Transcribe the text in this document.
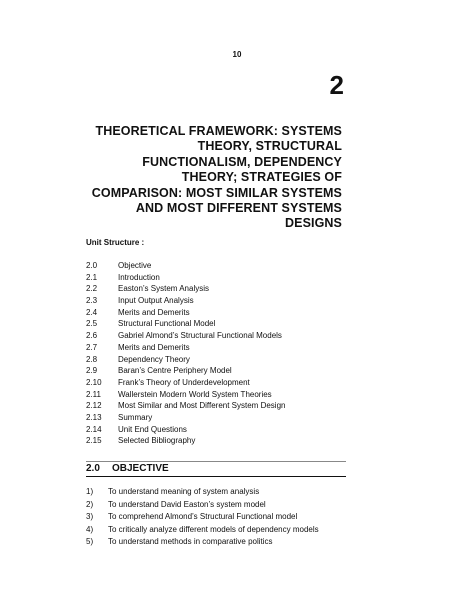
10
2
THEORETICAL FRAMEWORK: SYSTEMS
THEORY, STRUCTURAL
FUNCTIONALISM, DEPENDENCY
THEORY; STRATEGIES OF
COMPARISON: MOST SIMILAR SYSTEMS
AND MOST DIFFERENT SYSTEMS
DESIGNS
Unit Structure :
2.0	Objective
2.1	Introduction
2.2	Easton’s System Analysis
2.3	Input Output Analysis
2.4	Merits and Demerits
2.5	Structural Functional Model
2.6	Gabriel Almond’s Structural Functional Models
2.7	Merits and Demerits
2.8	Dependency Theory
2.9	Baran’s Centre Periphery Model
2.10 Frank’s Theory of Underdevelopment
2.11 Wallerstein Modern World System Theories
2.12 Most Similar and Most Different System Design
2.13 Summary
2.14 Unit End Questions
2.15 Selected Bibliography
2.0 OBJECTIVE
1) To understand meaning of system analysis
2) To understand David Easton’s system model
3) To comprehend Almond’s Structural Functional model
4) To critically analyze different models of dependency models
5) To understand methods in comparative politics
